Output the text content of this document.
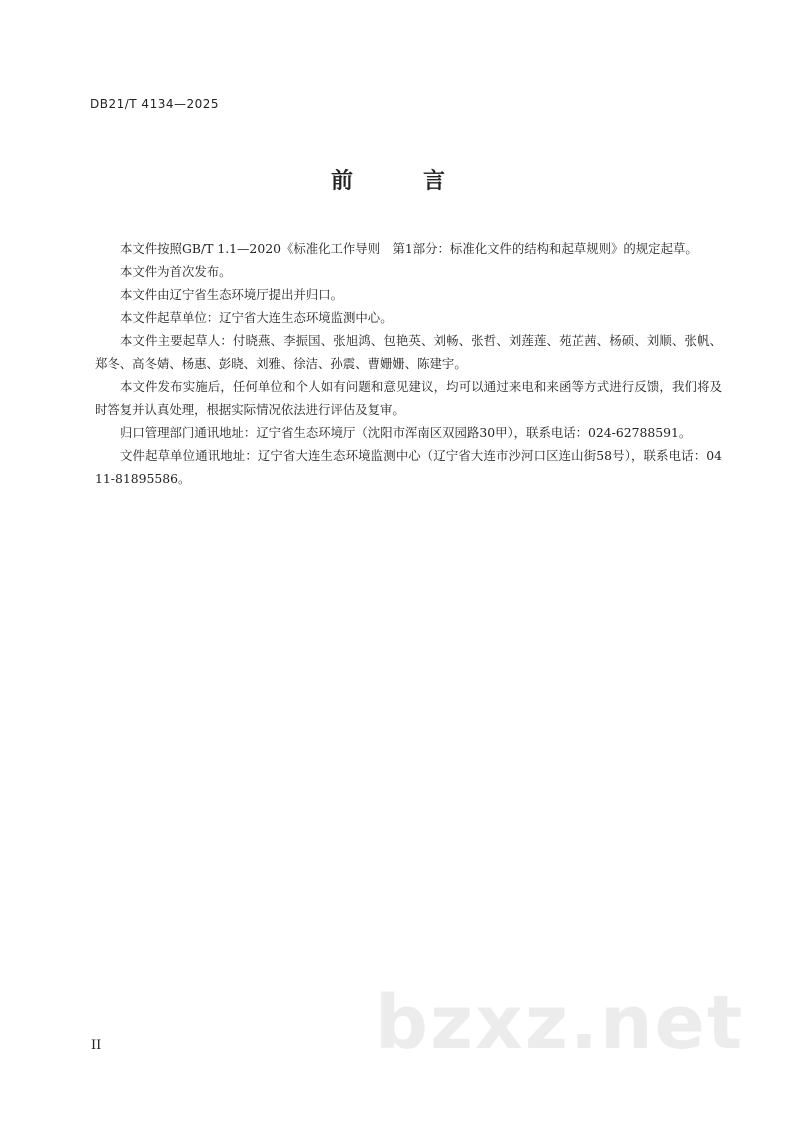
DB21/T 4134—2025
前　言

本文件按照GB/T 1.1—2020《标准化工作导则　第1部分：标准化文件的结构和起草规则》的规定起草。

本文件为首次发布。

本文件由辽宁省生态环境厅提出并归口。

本文件起草单位：辽宁省大连生态环境监测中心。

本文件主要起草人：付晓燕、李振国、张旭鸿、包艳英、刘畅、张哲、刘莲莲、苑芷茜、杨硕、刘顺、张帆、郑冬、高冬婧、杨惠、彭晓、刘雅、徐洁、孙震、曹姗姗、陈建宇。

本文件发布实施后，任何单位和个人如有问题和意见建议，均可以通过来电和来函等方式进行反馈，我们将及时答复并认真处理，根据实际情况依法进行评估及复审。

归口管理部门通讯地址：辽宁省生态环境厅（沈阳市浑南区双园路30甲），联系电话：024-62788591。

文件起草单位通讯地址：辽宁省大连生态环境监测中心（辽宁省大连市沙河口区连山街58号），联系电话：0411-81895586。

bzxz.net
II
